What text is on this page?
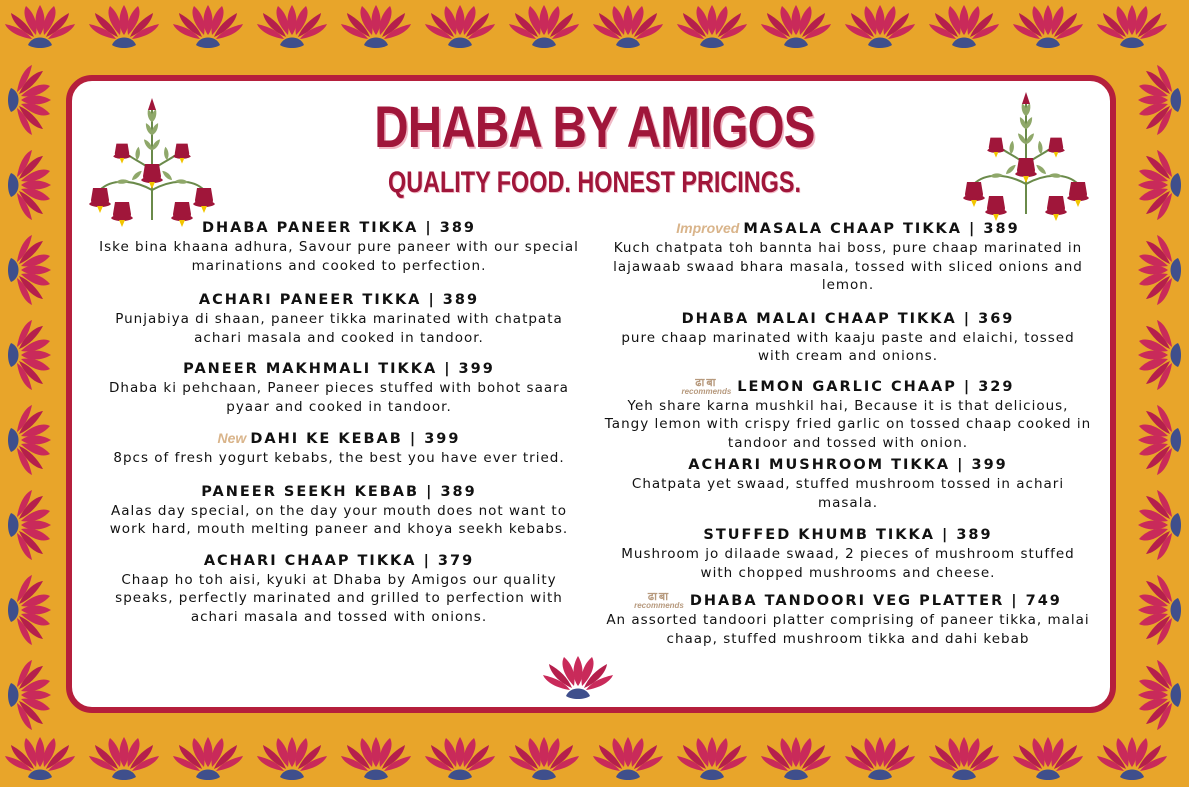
DHABA BY AMIGOS
QUALITY FOOD. HONEST PRICINGS.
DHABA PANEER TIKKA | 389
Iske bina khaana adhura, Savour pure paneer with our special marinations and cooked to perfection.
ACHARI PANEER TIKKA | 389
Punjabiya di shaan, paneer tikka marinated with chatpata achari masala and cooked in tandoor.
PANEER MAKHMALI TIKKA | 399
Dhaba ki pehchaan, Paneer pieces stuffed with bohot saara pyaar and cooked in tandoor.
New DAHI KE KEBAB | 399
8pcs of fresh yogurt kebabs, the best you have ever tried.
PANEER SEEKH KEBAB | 389
Aalas day special, on the day your mouth does not want to work hard, mouth melting paneer and khoya seekh kebabs.
ACHARI CHAAP TIKKA | 379
Chaap ho toh aisi, kyuki at Dhaba by Amigos our quality speaks, perfectly marinated and grilled to perfection with achari masala and tossed with onions.
Improved MASALA CHAAP TIKKA | 389
Kuch chatpata toh bannta hai boss, pure chaap marinated in lajawaab swaad bhara masala, tossed with sliced onions and lemon.
DHABA MALAI CHAAP TIKKA | 369
pure chaap marinated with kaaju paste and elaichi, tossed with cream and onions.
ढाबा
recommends LEMON GARLIC CHAAP | 329
Yeh share karna mushkil hai, Because it is that delicious, Tangy lemon with crispy fried garlic on tossed chaap cooked in tandoor and tossed with onion.
ACHARI MUSHROOM TIKKA | 399
Chatpata yet swaad, stuffed mushroom tossed in achari masala.
STUFFED KHUMB TIKKA | 389
Mushroom jo dilaade swaad, 2 pieces of mushroom stuffed with chopped mushrooms and cheese.
ढाबा
recommends DHABA TANDOORI VEG PLATTER | 749
An assorted tandoori platter comprising of paneer tikka, malai chaap, stuffed mushroom tikka and dahi kebab
